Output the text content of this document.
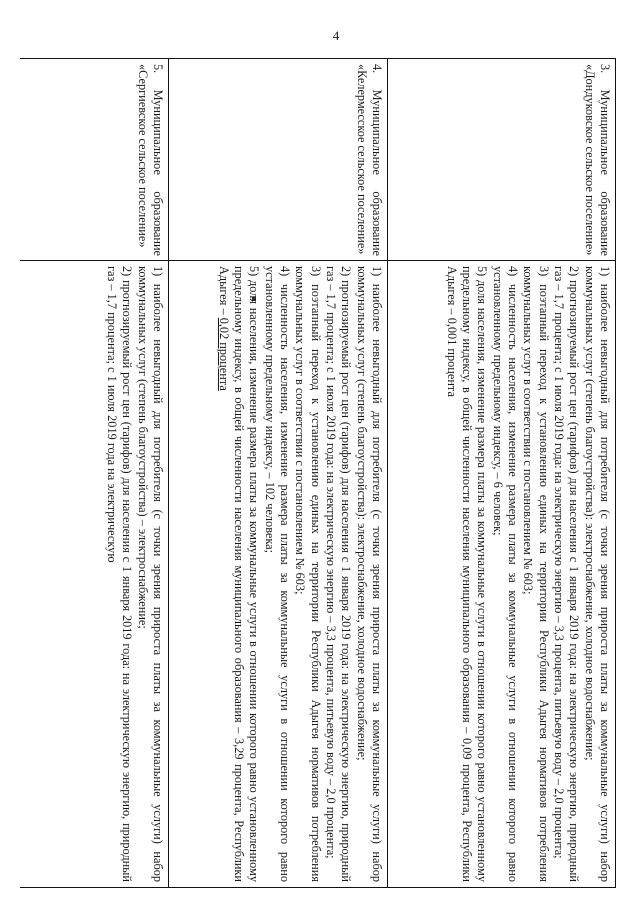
4
3. Муниципальное образование «Дондуковское сельское поселение»

1) наиболее невыгодный для потребителя (с точки зрения прироста платы за коммунальные услуги) набор коммунальных услуг (степень благоустройства): электроснабжение, холодное водоснабжение;

2) прогнозируемый рост цен (тарифов) для населения с 1 января 2019 года: на электрическую энергию, природный газ – 1,7 процента; с 1 июля 2019 года: на электрическую энергию – 3,3 процента, питьевую воду – 2,0 процента;

3) поэтапный переход к установлению единых на территории Республики Адыгея нормативов потребления коммунальных услуг в соответствии с постановлением № 603;

4) численность населения, изменение размера платы за коммунальные услуги в отношении которого равно установленному предельному индексу, – 6 человек;

5) доля населения, изменение размера платы за коммунальные услуги в отношении которого равно установленному предельному индексу, в общей численности населения муниципального образования – 0,09 процента, Республики Адыгея – 0,001 процента

4. Муниципальное образование «Келермесское сельское поселение»

1) наиболее невыгодный для потребителя (с точки зрения прироста платы за коммунальные услуги) набор коммунальных услуг (степень благоустройства): электроснабжение, холодное водоснабжение;

2) прогнозируемый рост цен (тарифов) для населения с 1 января 2019 года: на электрическую энергию, природный газ – 1,7 процента; с 1 июля 2019 года: на электрическую энергию – 3,3 процента, питьевую воду – 2,0 процента;

3) поэтапный переход к установлению единых на территории Республики Адыгея нормативов потребления коммунальных услуг в соответствии с постановлением № 603;

4) численность населения, изменение размера платы за коммунальные услуги в отношении которого равно установленному предельному индексу, – 102 человека;

5) доля населения, изменение размера платы за коммунальные услуги в отношении которого равно установленному предельному индексу, в общей численности населения муниципального образования – 3,29 процента, Республики Адыгея – 0,02 процента

5. Муниципальное образование «Сергиевское сельское поселение»

1) наиболее невыгодный для потребителя (с точки зрения прироста платы за коммунальные услуги) набор коммунальных услуг (степень благоустройства) – электроснабжение;

2) прогнозируемый рост цен (тарифов) для населения с 1 января 2019 года: на электрическую энергию, природный газ – 1,7 процента; с 1 июля 2019 года на электрическую
